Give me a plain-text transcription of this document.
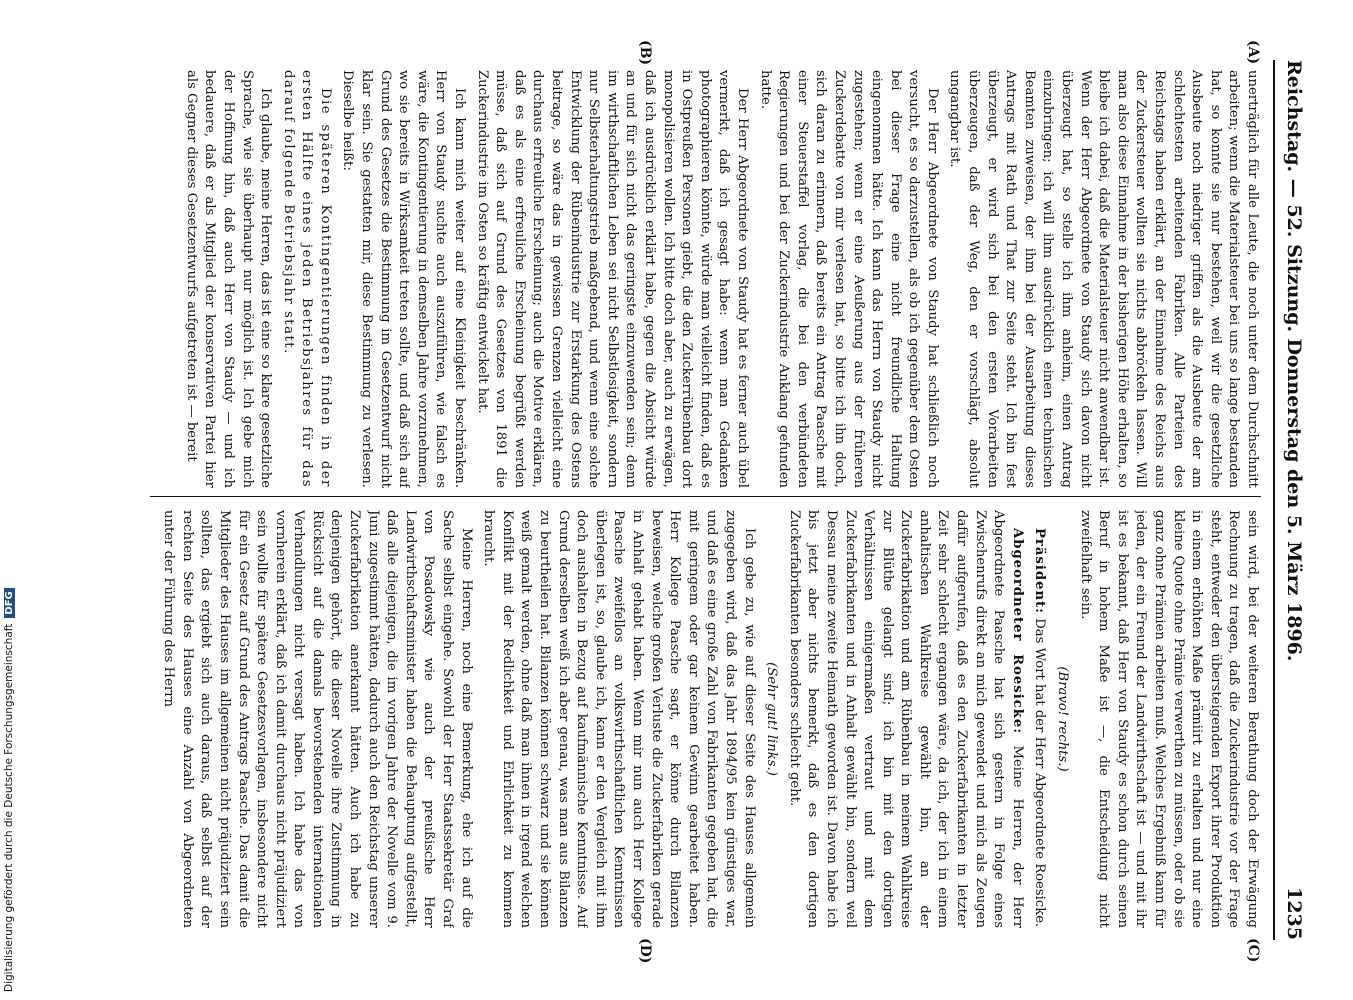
Reichstag. — 52. Sitzung.
Donnerstag den 5. März 1896.
1235
(A)
(B)
(C)
(D)

unerträglich für alle Leute, die noch unter dem Durchschnitt arbeiten; wenn die Materialsteuer bei uns so lange bestanden hat, so konnte sie nur bestehen, weil wir die gesetzliche Ausbeute noch niedriger griffen als die Ausbeute der am schlechtesten arbeitenden Fabriken. Alle Parteien des Reichstags haben erklärt, an der Einnahme des Reichs aus der Zuckersteuer wollten sie nichts abbröckeln lassen. Will man also diese Einnahme in der bisherigen Höhe erhalten, so bleibe ich dabei, daß die Materialsteuer nicht anwendbar ist. Wenn der Herr Abgeordnete von Staudy sich davon nicht überzeugt hat, so stelle ich ihm anheim, einen Antrag einzubringen; ich will ihm ausdrücklich einen technischen Beamten zuweisen, der ihm bei der Ausarbeitung dieses Antrags mit Rath und That zur Seite steht. Ich bin fest überzeugt, er wird sich bei den ersten Vorarbeiten überzeugen, daß der Weg, den er vorschlägt, absolut ungangbar ist.

Der Herr Abgeordnete von Staudy hat schließlich noch versucht, es so darzustellen, als ob ich gegenüber dem Osten bei dieser Frage eine nicht freundliche Haltung eingenommen hätte. Ich kann das Herrn von Staudy nicht zugestehen; wenn er eine Aeußerung aus der früheren Zuckerdebatte von mir verlesen hat, so bitte ich ihn doch, sich daran zu erinnern, daß bereits ein Antrag Paasche mit einer Steuerstaffel vorlag, die bei den verbündeten Regierungen und bei der Zuckerindustrie Anklang gefunden hatte.

Der Herr Abgeordnete von Staudy hat es ferner auch übel vermerkt, daß ich gesagt habe: wenn man Gedanken photographieren könnte, würde man vielleicht finden, daß es in Ostpreußen Personen giebt, die den Zuckerrübenbau dort monopolisieren wollen. Ich bitte doch aber, auch zu erwägen, daß ich ausdrücklich erklärt habe, gegen die Absicht würde an und für sich nicht das geringste einzuwenden sein; denn im wirthschaftlichen Leben sei nicht Selbstlosigkeit, sondern nur Selbsterhaltungstrieb maßgebend, und wenn eine solche Entwicklung der Rübenindustrie zur Erstarkung des Ostens beitrage, so wäre das in gewissen Grenzen vielleicht eine durchaus erfreuliche Erscheinung; auch die Motive erklären, daß es als eine erfreuliche Erscheinung begrüßt werden müsse, daß sich auf Grund des Gesetzes von 1891 die Zuckerindustrie im Osten so kräftig entwickelt hat.

Ich kann mich weiter auf eine Kleinigkeit beschränken. Herr von Staudy suchte auch auszuführen, wie falsch es wäre, die Kontingentierung in demselben Jahre vorzunehmen, wo sie bereits in Wirksamkeit treten sollte, und daß sich auf Grund des Gesetzes die Bestimmung im Gesetzentwurf nicht klar sein. Sie gestatten mir, diese Bestimmung zu verlesen. Dieselbe heißt:

Die späteren Kontingentierungen finden in der ersten Hälfte eines jeden Betriebsjahres für das darauf folgende Betriebsjahr statt.

Ich glaube, meine Herren, das ist eine so klare gesetzliche Sprache, wie sie überhaupt nur möglich ist. Ich gebe mich der Hoffnung hin, daß auch Herr von Staudy — und ich bedauere, daß er als Mitglied der konservativen Partei hier als Gegner dieses Gesetzentwurfs aufgetreten ist — bereit

sein wird, bei der weiteren Berathung doch der Erwägung Rechnung zu tragen, daß die Zuckerindustrie vor der Frage steht, entweder den übersteigenden Export ihrer Produktion in einem erhöhten Maße prämiirt zu erhalten und nur eine kleine Quote ohne Prämie verwerthen zu müssen, oder ob sie ganz ohne Prämien arbeiten muß. Welches Ergebniß kann für jeden, der ein Freund der Landwirthschaft ist — und mit ihr ist es bekannt, daß Herr von Staudy es schon durch seinen Beruf in hohem Maße ist —, die Entscheidung nicht zweifelhaft sein.

(Bravo! rechts.)

Präsident: Das Wort hat der Herr Abgeordnete Roesicke.

Abgeordneter Roesicke: Meine Herren, der Herr Abgeordnete Paasche hat sich gestern in Folge eines Zwischenrufs direkt an mich gewendet und mich als Zeugen dafür aufgerufen, daß es den Zuckerfabrikanten in letzter Zeit sehr schlecht ergangen wäre, da ich, der ich in einem anhaltischen Wahlkreise gewählt bin, an der Zuckerfabrikation und am Rübenbau in meinem Wahlkreise zur Blüthe gelangt sind; ich bin mit den dortigen Verhältnissen einigermaßen vertraut und mit dem Zuckerfabrikanten und in Anhalt gewählt bin, sondern weil Dessau meine zweite Heimath geworden ist. Davon habe ich bis jetzt aber nichts bemerkt, daß es den dortigen Zuckerfabrikanten besonders schlecht geht.

(Sehr gut! links.)

Ich gebe zu, wie auf dieser Seite des Hauses allgemein zugegeben wird, daß das Jahr 1894/95 kein günstiges war, und daß es eine große Zahl von Fabrikanten gegeben hat, die mit geringem oder gar keinem Gewinn gearbeitet haben. Herr Kollege Paasche sagt, er könne durch Bilanzen beweisen, welche großen Verluste die Zuckerfabriken gerade in Anhalt gehabt haben. Wenn mir nun auch Herr Kollege Paasche zweifellos an volkswirthschaftlichen Kenntnissen überlegen ist, so, glaube ich, kann er den Vergleich mit ihm doch aushalten in Bezug auf kaufmännische Kenntnisse. Auf Grund derselben weiß ich aber genau, was man aus Bilanzen zu beurtheilen hat. Bilanzen können schwarz und sie können weiß gemalt werden, ohne daß man ihnen in irgend welchen Konflikt mit der Redlichkeit und Ehrlichkeit zu kommen braucht.

Meine Herren, noch eine Bemerkung, ehe ich auf die Sache selbst eingehe. Sowohl der Herr Staatssekretär Graf von Posadowsky wie auch der preußische Herr Landwirthschaftsminister haben die Behauptung aufgestellt, daß alle diejenigen, die im vorigen Jahre der Novelle vom 9. Juni zugestimmt hätten, dadurch auch den Reichstag unserer Zuckerfabrikation anerkannt hätten. Auch ich habe zu denjenigen gehört, die dieser Novelle ihre Zustimmung in Rücksicht auf die damals bevorstehenden internationalen Verhandlungen nicht versagt haben. Ich habe das von vornherein erklärt, daß ich damit durchaus nicht präjudiziert sein wollte für spätere Gesetzesvorlagen, insbesondere nicht für ein Gesetz auf Grund des Antrags Paasche. Das damit die Mitglieder des Hauses im allgemeinen nicht präjudiziert sein sollten, das ergiebt sich auch daraus, daß selbst auf der rechten Seite des Hauses eine Anzahl von Abgeordneten unter der Führung des Herrn

Digitalisierung gefördert durch die Deutsche ForschungsgemeinschaftDFG
